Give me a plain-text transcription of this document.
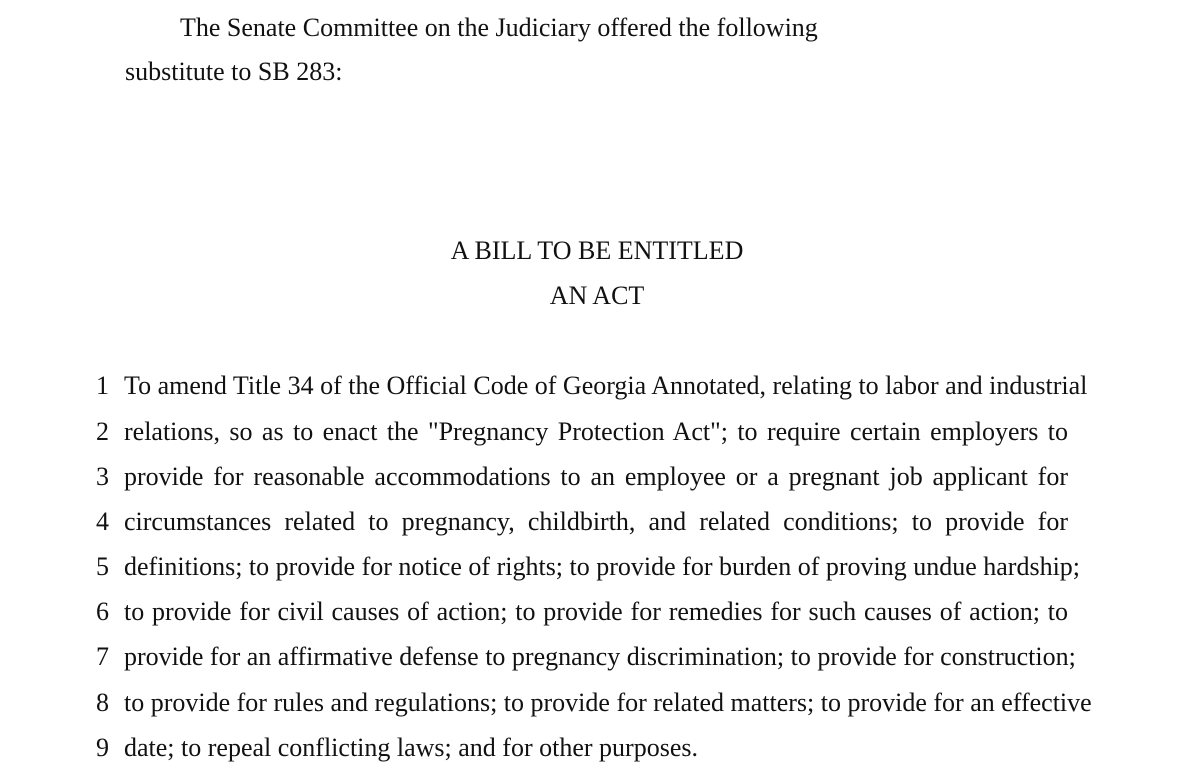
The Senate Committee on the Judiciary offered the following
substitute to SB 283:
A BILL TO BE ENTITLED
AN ACT
1 To amend Title 34 of the Official Code of Georgia Annotated, relating to labor and industrial
2 relations, so as to enact the "Pregnancy Protection Act"; to require certain employers to
3 provide for reasonable accommodations to an employee or a pregnant job applicant for
4 circumstances related to pregnancy, childbirth, and related conditions; to provide for
5 definitions; to provide for notice of rights; to provide for burden of proving undue hardship;
6 to provide for civil causes of action; to provide for remedies for such causes of action; to
7 provide for an affirmative defense to pregnancy discrimination; to provide for construction;
8 to provide for rules and regulations; to provide for related matters; to provide for an effective
9 date; to repeal conflicting laws; and for other purposes.
